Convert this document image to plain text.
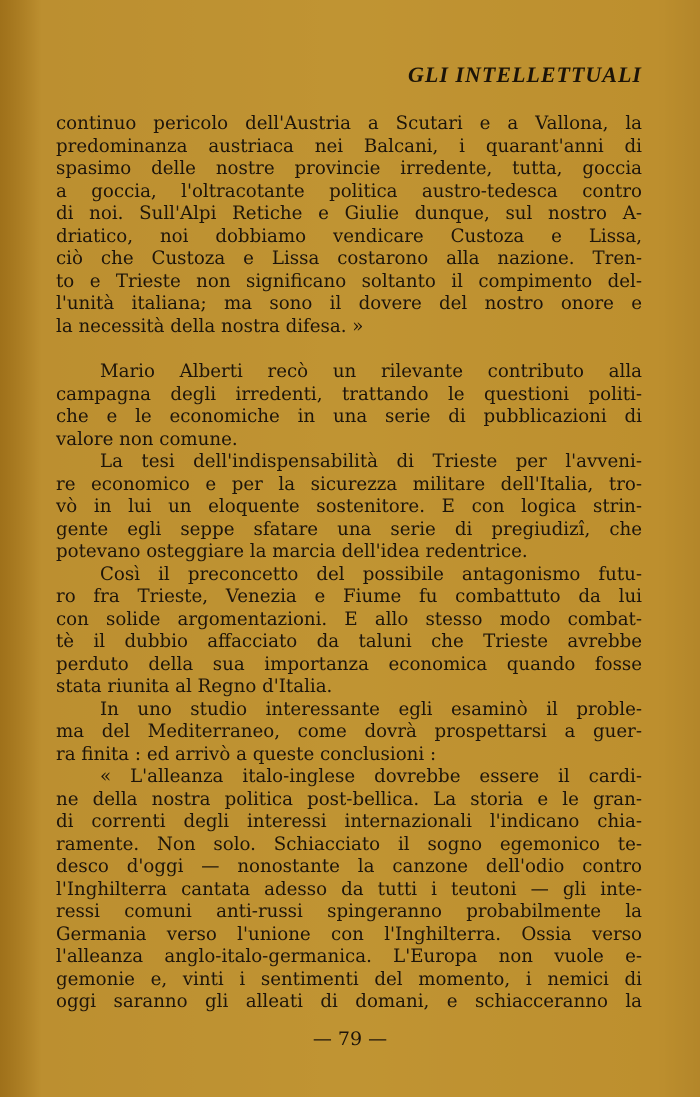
GLI INTELLETTUALI

continuo pericolo dell'Austria a Scutari e a Vallona, la
predominanza austriaca nei Balcani, i quarant'anni di
spasimo delle nostre provincie irredente, tutta, goccia
a goccia, l'oltracotante politica austro-tedesca contro
di noi. Sull'Alpi Retiche e Giulie dunque, sul nostro A-
driatico, noi dobbiamo vendicare Custoza e Lissa,
ciò che Custoza e Lissa costarono alla nazione. Tren-
to e Trieste non significano soltanto il compimento del-
l'unità italiana; ma sono il dovere del nostro onore e
la necessità della nostra difesa. »

Mario Alberti recò un rilevante contributo alla
campagna degli irredenti, trattando le questioni politi-
che e le economiche in una serie di pubblicazioni di
valore non comune.

La tesi dell'indispensabilità di Trieste per l'avveni-
re economico e per la sicurezza militare dell'Italia, tro-
vò in lui un eloquente sostenitore. E con logica strin-
gente egli seppe sfatare una serie di pregiudizî, che
potevano osteggiare la marcia dell'idea redentrice.

Così il preconcetto del possibile antagonismo futu-
ro fra Trieste, Venezia e Fiume fu combattuto da lui
con solide argomentazioni. E allo stesso modo combat-
tè il dubbio affacciato da taluni che Trieste avrebbe
perduto della sua importanza economica quando fosse
stata riunita al Regno d'Italia.

In uno studio interessante egli esaminò il proble-
ma del Mediterraneo, come dovrà prospettarsi a guer-
ra finita : ed arrivò a queste conclusioni :

« L'alleanza italo-inglese dovrebbe essere il cardi-
ne della nostra politica post-bellica. La storia e le gran-
di correnti degli interessi internazionali l'indicano chia-
ramente. Non solo. Schiacciato il sogno egemonico te-
desco d'oggi — nonostante la canzone dell'odio contro
l'Inghilterra cantata adesso da tutti i teutoni — gli inte-
ressi comuni anti-russi spingeranno probabilmente la
Germania verso l'unione con l'Inghilterra. Ossia verso
l'alleanza anglo-italo-germanica. L'Europa non vuole e-
gemonie e, vinti i sentimenti del momento, i nemici di
oggi saranno gli alleati di domani, e schiacceranno la

— 79 —
